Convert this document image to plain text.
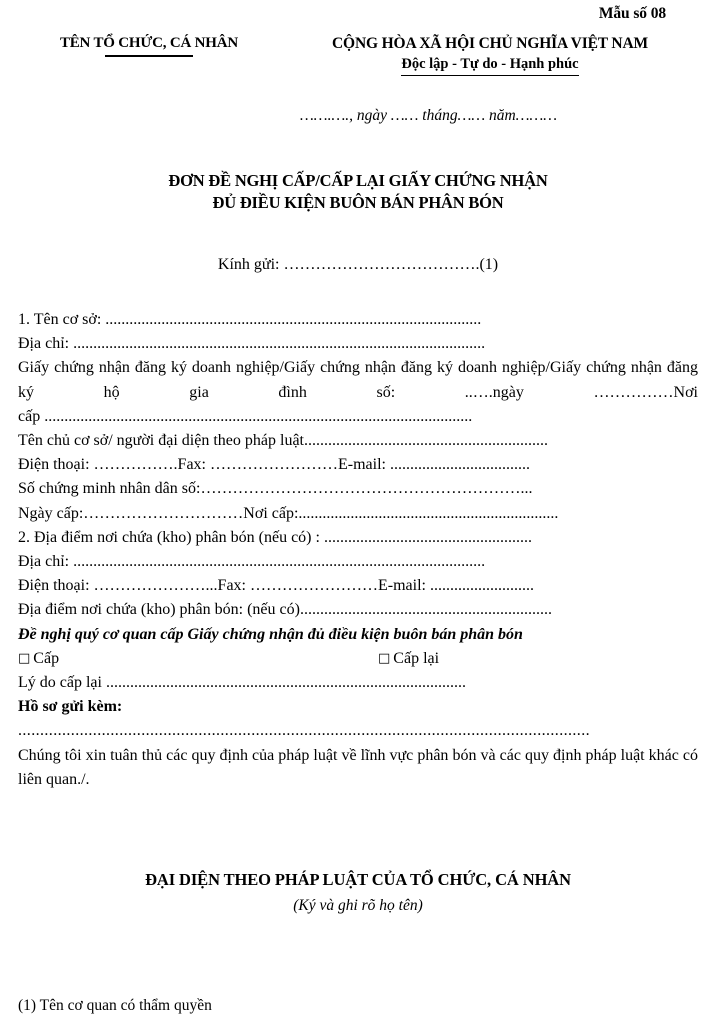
Mẫu số 08
TÊN TỔ CHỨC, CÁ NHÂN	CỘNG HÒA XÃ HỘI CHỦ NGHĨA VIỆT NAM
Độc lập - Tự do - Hạnh phúc
…….…., ngày …… tháng…… năm………
ĐƠN ĐỀ NGHỊ CẤP/CẤP LẠI GIẤY CHỨNG NHẬN
ĐỦ ĐIỀU KIỆN BUÔN BÁN PHÂN BÓN
Kính gửi: ……………………………….(1)
1. Tên cơ sở: ..............................................................................................
Địa chỉ: .......................................................................................................
Giấy chứng nhận đăng ký doanh nghiệp/Giấy chứng nhận đăng ký doanh nghiệp/Giấy chứng nhận đăng ký hộ gia đình số: ..….ngày ……………Nơi
cấp ...........................................................................................................
Tên chủ cơ sở/ người đại diện theo pháp luật.............................................................
Điện thoại: …………….Fax: ……………………E-mail: ...................................
Số chứng minh nhân dân số:……………………………………………………...
Ngày cấp:…………………………Nơi cấp:.................................................................
2. Địa điểm nơi chứa (kho) phân bón (nếu có) : ....................................................
Địa chỉ: .......................................................................................................
Điện thoại: …………………...Fax: ……………………E-mail: ..........................
Địa điểm nơi chứa (kho) phân bón: (nếu có)...............................................................
Đề nghị quý cơ quan cấp Giấy chứng nhận đủ điều kiện buôn bán phân bón
□ Cấp	□ Cấp lại
Lý do cấp lại ..........................................................................................
Hồ sơ gửi kèm:
..................................................................................................................................
Chúng tôi xin tuân thủ các quy định của pháp luật về lĩnh vực phân bón và các quy định pháp luật khác có liên quan./.
ĐẠI DIỆN THEO PHÁP LUẬT CỦA TỔ CHỨC, CÁ NHÂN
(Ký và ghi rõ họ tên)
(1) Tên cơ quan có thẩm quyền
